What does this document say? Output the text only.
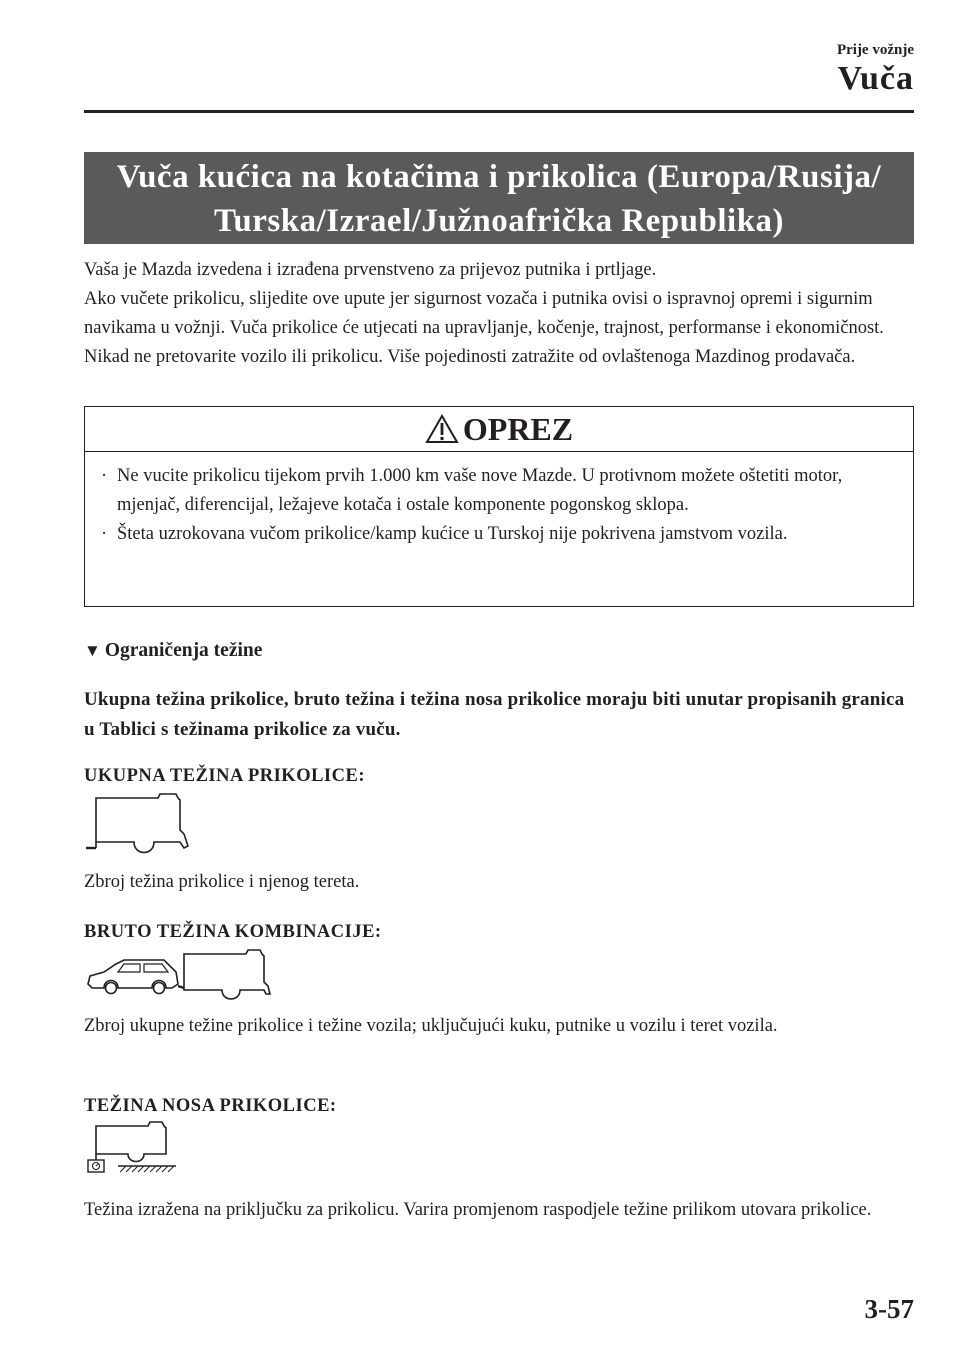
Prije vožnje
Vuča
Vuča kućica na kotačima i prikolica (Europa/Rusija/
Turska/Izrael/Južnoafrička Republika)

Vaša je Mazda izvedena i izrađena prvenstveno za prijevoz putnika i prtljage.

Ako vučete prikolicu, slijedite ove upute jer sigurnost vozača i putnika ovisi o ispravnoj opremi i sigurnim navikama u vožnji. Vuča prikolice će utjecati na upravljanje, kočenje, trajnost, performanse i ekonomičnost. Nikad ne pretovarite vozilo ili prikolicu. Više pojedinosti zatražite od ovlaštenoga Mazdinog prodavača.

OPREZ
· Ne vucite prikolicu tijekom prvih 1.000 km vaše nove Mazde. U protivnom možete oštetiti motor, mjenjač, diferencijal, ležajeve kotača i ostale komponente pogonskog sklopa.
· Šteta uzrokovana vučom prikolice/kamp kućice u Turskoj nije pokrivena jamstvom vozila.
▼ Ograničenja težine
Ukupna težina prikolice, bruto težina i težina nosa prikolice moraju biti unutar propisanih granica u Tablici s težinama prikolice za vuču.
UKUPNA TEŽINA PRIKOLICE:
Zbroj težina prikolice i njenog tereta.
BRUTO TEŽINA KOMBINACIJE:
Zbroj ukupne težine prikolice i težine vozila; uključujući kuku, putnike u vozilu i teret vozila.
TEŽINA NOSA PRIKOLICE:
Težina izražena na priključku za prikolicu. Varira promjenom raspodjele težine prilikom utovara prikolice.
3-57
